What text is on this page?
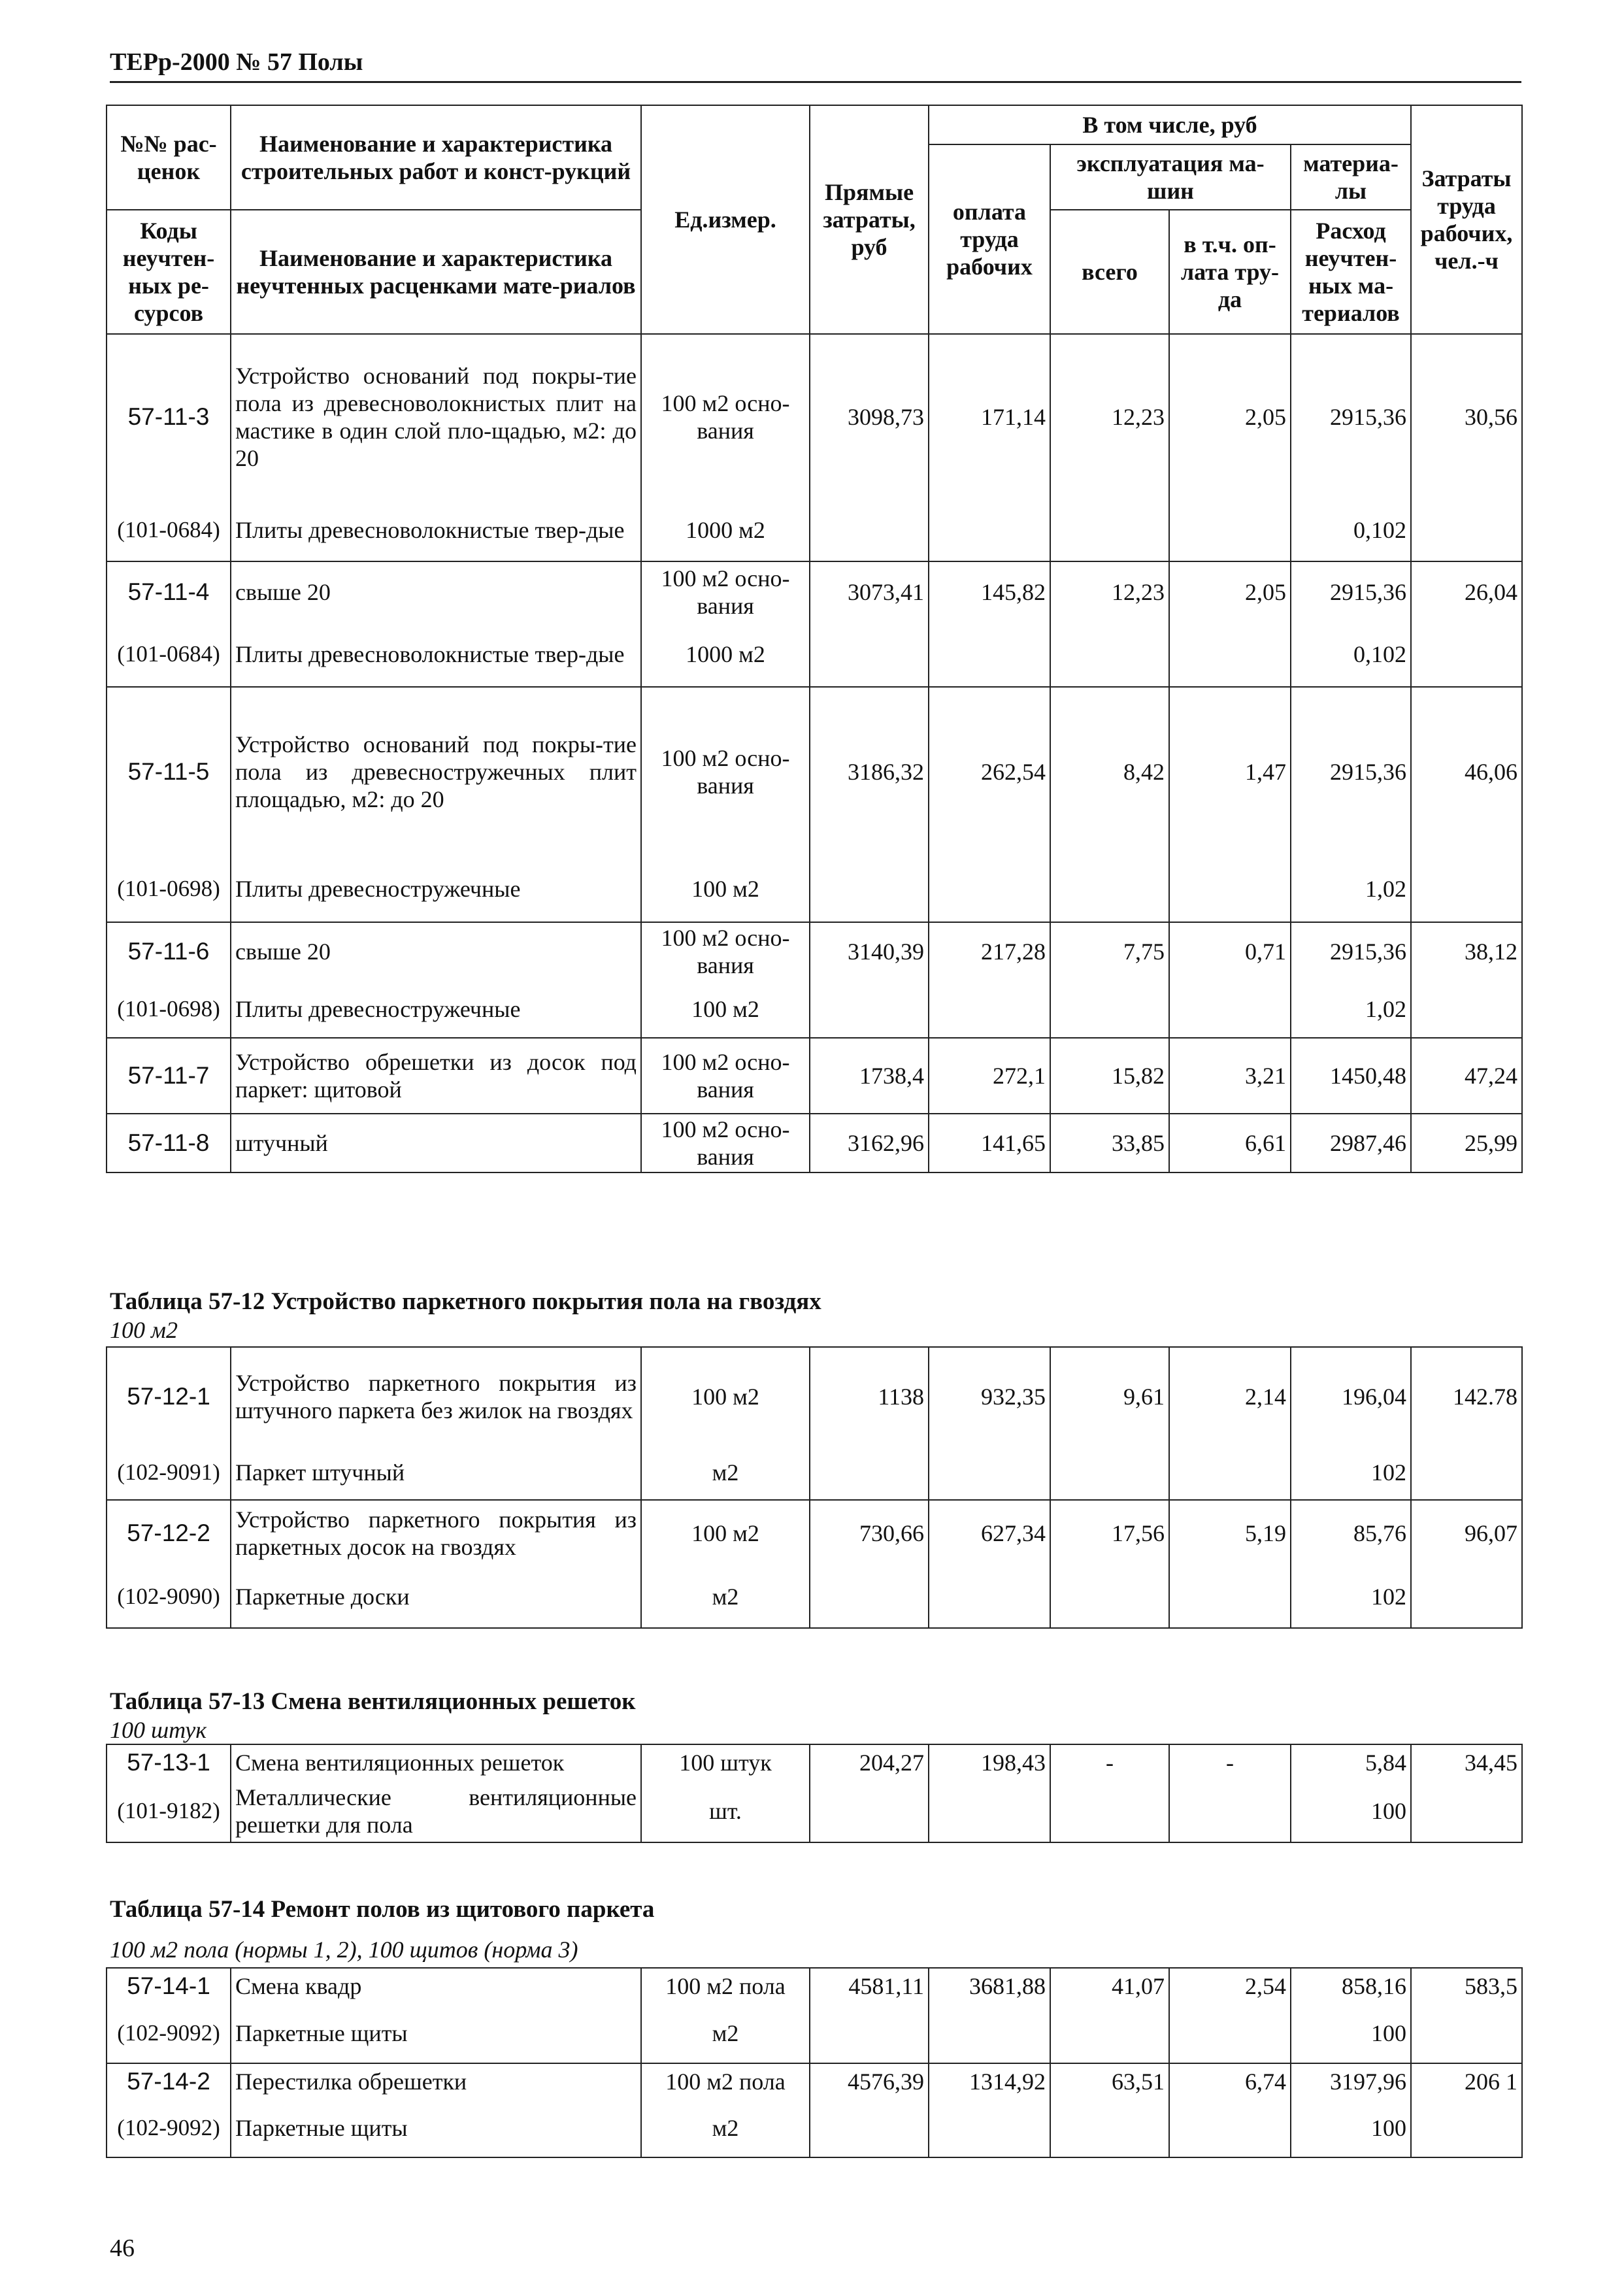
ТЕРр-2000 № 57 Полы
№№ рас-ценок	Наименование и характеристика строительных работ и конст-рукций	Ед.измер.	Прямые затраты, руб	В том числе, руб				Затраты труда рабочих, чел.-ч
				оплата труда рабочих	эксплуатация ма-шин		материа-лы	
Коды неучтен-ных ре-сурсов	Наименование и характеристика неучтенных расценками мате-риалов				всего	в т.ч. оп-лата тру-да	Расход неучтен-ных ма-териалов	

57-11-3	Устройство оснований под покры-тие пола из древесноволокнистых плит на мастике в один слой пло-щадью, м2: до 20	100 м2 осно-вания	3098,73	171,14	12,23	2,05	2915,36	30,56
(101-0684)	Плиты древесноволокнистые твер-дые	1000 м2					0,102	
57-11-4	свыше 20	100 м2 осно-вания	3073,41	145,82	12,23	2,05	2915,36	26,04
(101-0684)	Плиты древесноволокнистые твер-дые	1000 м2					0,102	
57-11-5	Устройство оснований под покры-тие пола из древесностружечных плит площадью, м2: до 20	100 м2 осно-вания	3186,32	262,54	8,42	1,47	2915,36	46,06
(101-0698)	Плиты древесностружечные	100 м2					1,02	
57-11-6	свыше 20	100 м2 осно-вания	3140,39	217,28	7,75	0,71	2915,36	38,12
(101-0698)	Плиты древесностружечные	100 м2					1,02	
57-11-7	Устройство обрешетки из досок под паркет: щитовой	100 м2 осно-вания	1738,4	272,1	15,82	3,21	1450,48	47,24
57-11-8	штучный	100 м2 осно-вания	3162,96	141,65	33,85	6,61	2987,46	25,99
Таблица 57-12 Устройство паркетного покрытия пола на гвоздях
100 м2
57-12-1	Устройство паркетного покрытия из штучного паркета без жилок на гвоздях	100 м2	1138	932,35	9,61	2,14	196,04	142.78
(102-9091)	Паркет штучный	м2					102	
57-12-2	Устройство паркетного покрытия из паркетных досок на гвоздях	100 м2	730,66	627,34	17,56	5,19	85,76	96,07
(102-9090)	Паркетные доски	м2					102	
Таблица 57-13 Смена вентиляционных решеток
100 штук
57-13-1	Смена вентиляционных решеток	100 штук	204,27	198,43	-	-	5,84	34,45
(101-9182)	Металлические вентиляционные решетки для пола	шт.					100	
Таблица 57-14 Ремонт полов из щитового паркета
100 м2 пола (нормы 1, 2), 100 щитов (норма 3)
57-14-1	Смена квадр	100 м2 пола	4581,11	3681,88	41,07	2,54	858,16	583,5
(102-9092)	Паркетные щиты	м2					100	
57-14-2	Перестилка обрешетки	100 м2 пола	4576,39	1314,92	63,51	6,74	3197,96	206 1
(102-9092)	Паркетные щиты	м2					100	
46
